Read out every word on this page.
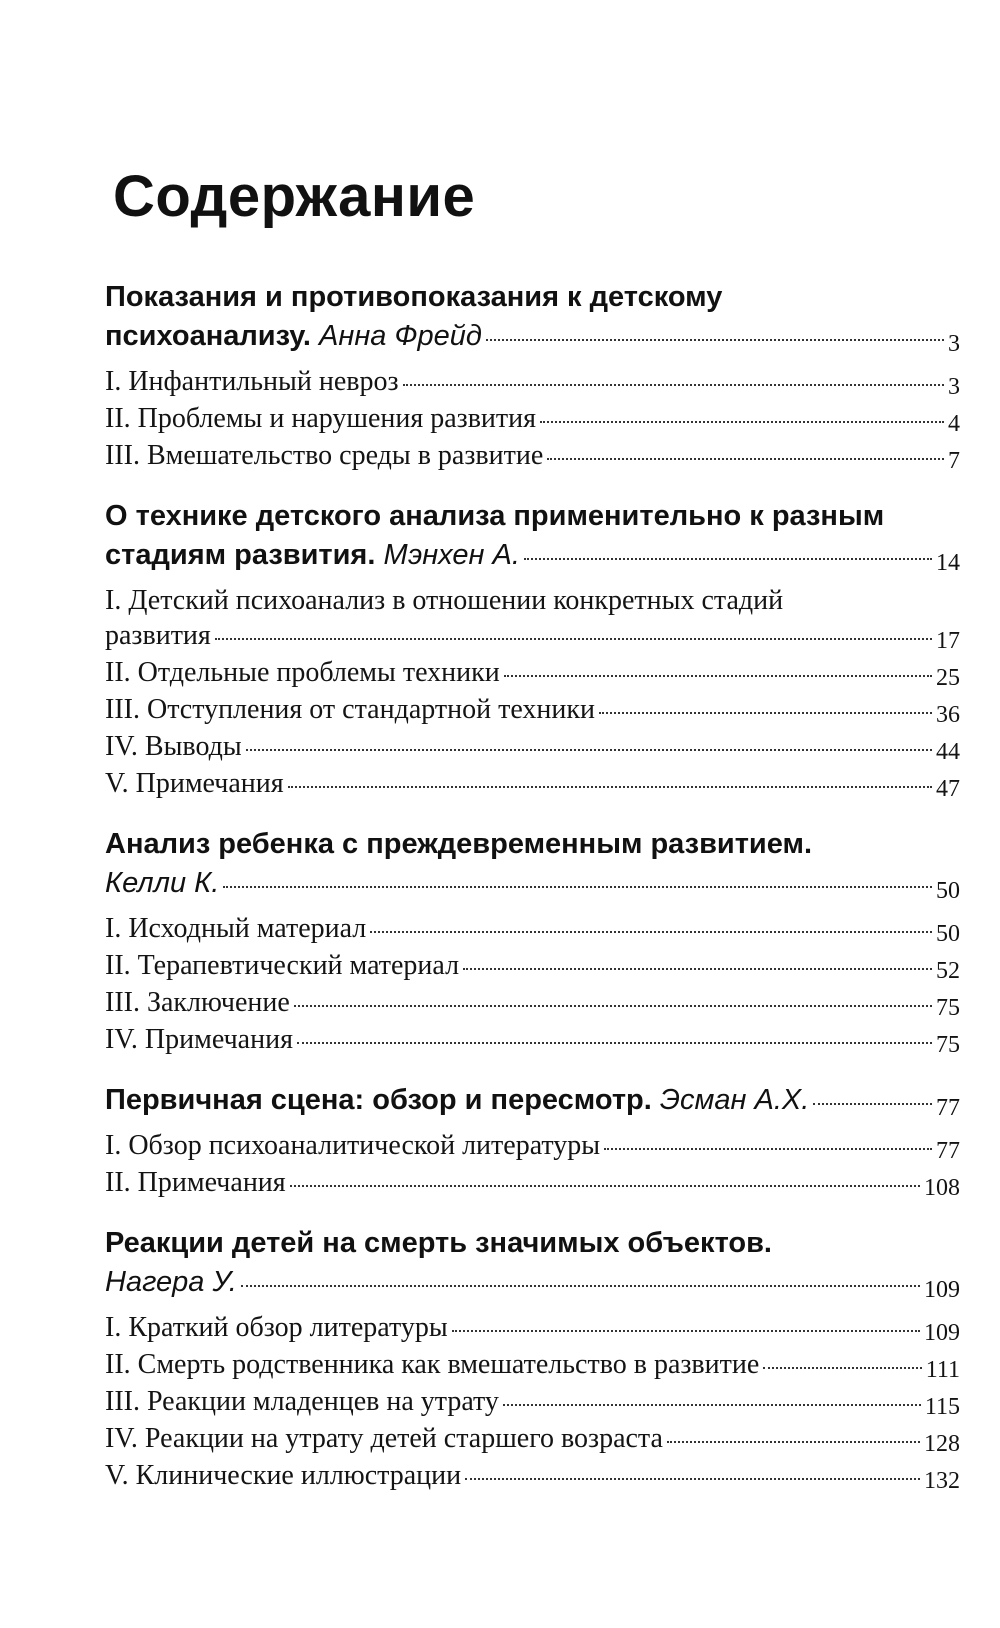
Содержание
Показания и противопоказания к детскому
психоанализу. Анна Фрейд	3
I. Инфантильный невроз	3
II. Проблемы и нарушения развития	4
III. Вмешательство среды в развитие	7
О технике детского анализа применительно к разным
стадиям развития. Мэнхен А.	14
I. Детский психоанализ в отношении конкретных стадий
развития	17
II. Отдельные проблемы техники	25
III. Отступления от стандартной техники	36
IV. Выводы	44
V. Примечания	47
Анализ ребенка с преждевременным развитием.
Келли К.	50
I. Исходный материал	50
II. Терапевтический материал	52
III. Заключение	75
IV. Примечания	75
Первичная сцена: обзор и пересмотр. Эсман А.Х.	77
I. Обзор психоаналитической литературы	77
II. Примечания	108
Реакции детей на смерть значимых объектов.
Нагера У.	109
I. Краткий обзор литературы	109
II. Смерть родственника как вмешательство в развитие	111
III. Реакции младенцев на утрату	115
IV. Реакции на утрату детей старшего возраста	128
V. Клинические иллюстрации	132
